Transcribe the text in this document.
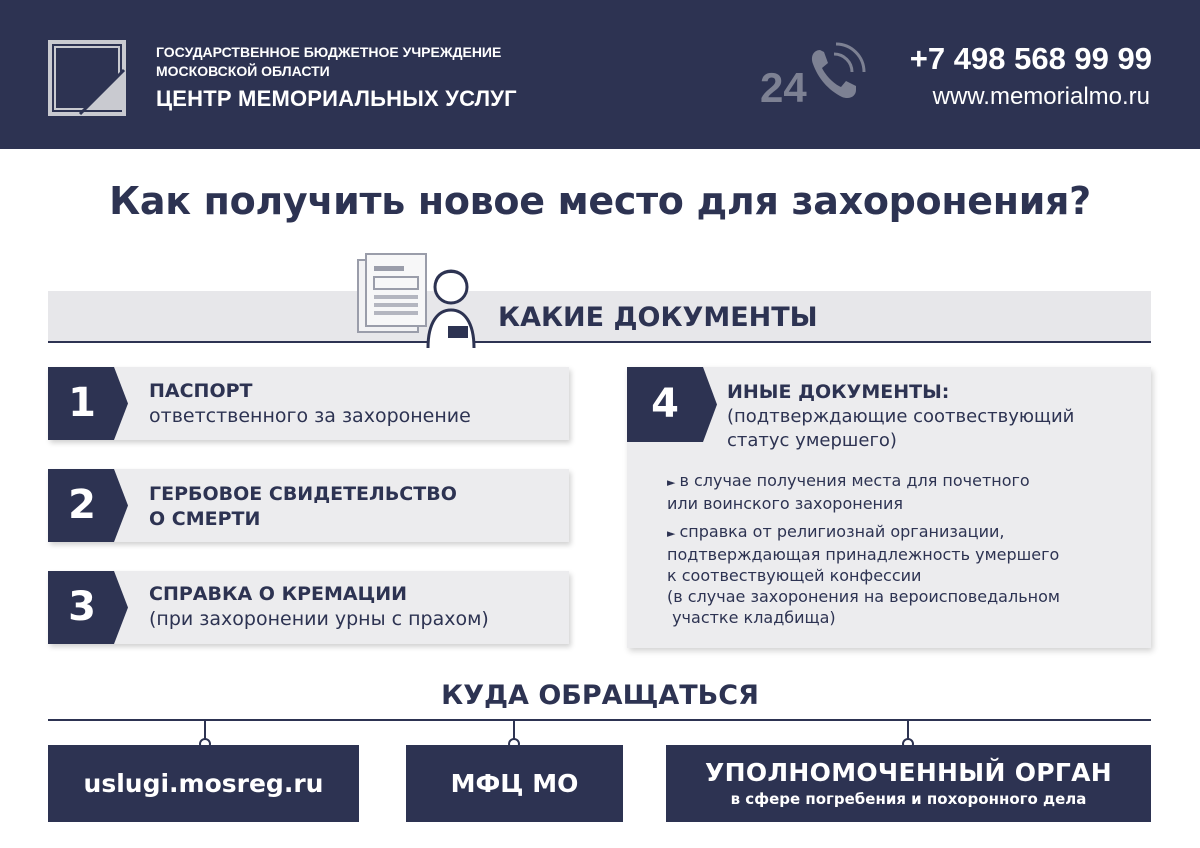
ГОСУДАРСТВЕННОЕ БЮДЖЕТНОЕ УЧРЕЖДЕНИЕ
МОСКОВСКОЙ ОБЛАСТИ
ЦЕНТР МЕМОРИАЛЬНЫХ УСЛУГ	24
+7 498 568 99 99
www.memorialmo.ru
Как получить новое место для захоронения?
КАКИЕ ДОКУМЕНТЫ
1	ПАСПОРТ
ответственного за захоронение
2	ГЕРБОВОЕ СВИДЕТЕЛЬСТВО
О СМЕРТИ
3	СПРАВКА О КРЕМАЦИИ
(при захоронении урны с прахом)
4	ИНЫЕ ДОКУМЕНТЫ:
(подтверждающие соотвествующий
статус умершего)
► в случае получения места для почетного
или воинского захоронения
► справка от религиознай организации,
подтверждающая принадлежность умершего
к соотвествующей конфессии
(в случае захоронения на вероисповедальном
участке кладбища)
КУДА ОБРАЩАТЬСЯ
uslugi.mosreg.ru	МФЦ МО	УПОЛНОМОЧЕННЫЙ ОРГАН
в сфере погребения и похоронного дела
